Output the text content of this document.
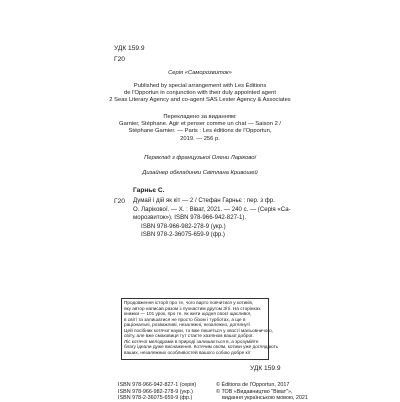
УДК 159.9
Г20
Серія «Саморозвиток»
Published by special arrangement with Les Éditions
de l'Opportun in conjunction with their duly appointed agent
2 Seas Literary Agency and co-agent SAS Lester Agency & Associates
Перекладено за виданням:
Garnier, Stéphane. Agir et penser comme un chat — Saison 2 /
Stéphane Garnier. — Paris : Les éditions de l'Opportun,
2019. — 256 p.
Переклад з французької Олени Ларікової
Дизайнер обкладинки Світлана Кривошей
Г20
Гарньє С.
Думай і дій як кіт — 2 / Стефан Гарньє : пер. з фр.
О. Ларікової. — Х. : Віват, 2021. — 240 с. — (Серія «Са-
морозвиток»). ISBN 978-966-942-827-1).
ISBN 978-966-982-278-9 (укр.)
ISBN 978-2-36075-659-9 (фр.)
Продовження історії про те, чого варто повчитися у котиків,
яку автор написав разом з пухнастим другом Зіті. На сторінках
книжки — 101 урок, про те, як жити щодня своєї щасливої,
в світі та залишатися не просто бізом і турботах, а ще в
раціональні, розважливі, незалежні, незалежно, доглянуті
Цей посібник котячої науки, то вже пишеться у хвості мальовничого,
світу, але вже смаковиця тут стаєте хазяїном вашої доброї.
Ліс котячої мелодрами в природі залишається в, а зрозумійте
благу ідеали дуже виснаження. Котячим своїм, котики уже доглядають
ваших, незалежних особливостей вашого собою добре кіт
УДК 159.9
ISBN 978-966-942-827-1 (серія)
ISBN 978-966-982-278-9 (укр.)
ISBN 978-2-36075-659-9 (фр.)
© Éditions de l'Opportun, 2017
© ТОВ «Видавництво "Віват"»,
видання українською мовою, 2021
